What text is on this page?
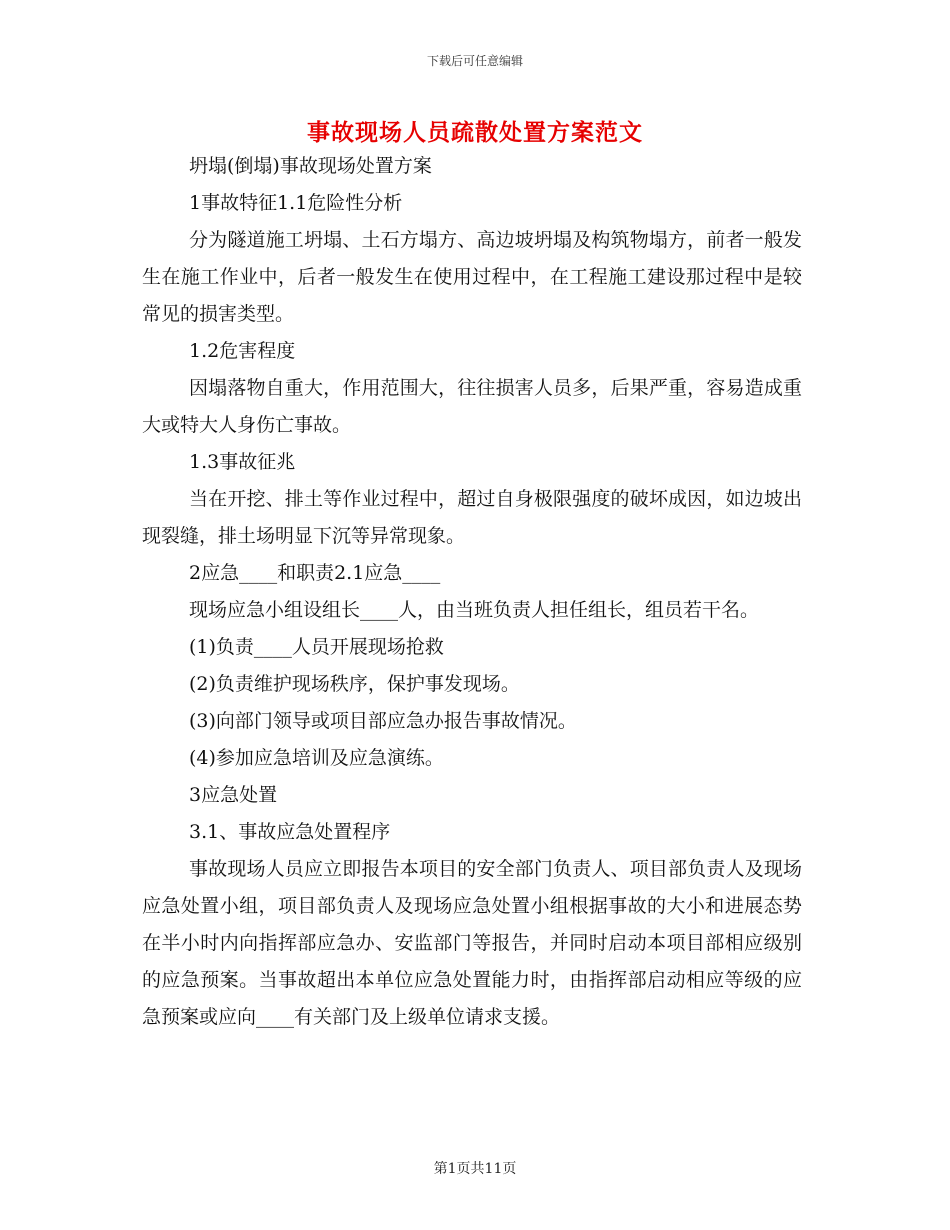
下载后可任意编辑
事故现场人员疏散处置方案范文
坍塌(倒塌)事故现场处置方案
1事故特征1.1危险性分析

分为隧道施工坍塌、土石方塌方、高边坡坍塌及构筑物塌方，前者一般发生在施工作业中，后者一般发生在使用过程中，在工程施工建设那过程中是较常见的损害类型。

1.2危害程度

因塌落物自重大，作用范围大，往往损害人员多，后果严重，容易造成重大或特大人身伤亡事故。

1.3事故征兆

当在开挖、排土等作业过程中，超过自身极限强度的破坏成因，如边坡出现裂缝，排土场明显下沉等异常现象。

2应急____和职责2.1应急____

现场应急小组设组长____人，由当班负责人担任组长，组员若干名。

(1)负责____人员开展现场抢救
(2)负责维护现场秩序，保护事发现场。
(3)向部门领导或项目部应急办报告事故情况。
(4)参加应急培训及应急演练。
3应急处置
3.1、事故应急处置程序

事故现场人员应立即报告本项目的安全部门负责人、项目部负责人及现场应急处置小组，项目部负责人及现场应急处置小组根据事故的大小和进展态势在半小时内向指挥部应急办、安监部门等报告，并同时启动本项目部相应级别的应急预案。当事故超出本单位应急处置能力时，由指挥部启动相应等级的应急预案或应向____有关部门及上级单位请求支援。

第1页共11页
